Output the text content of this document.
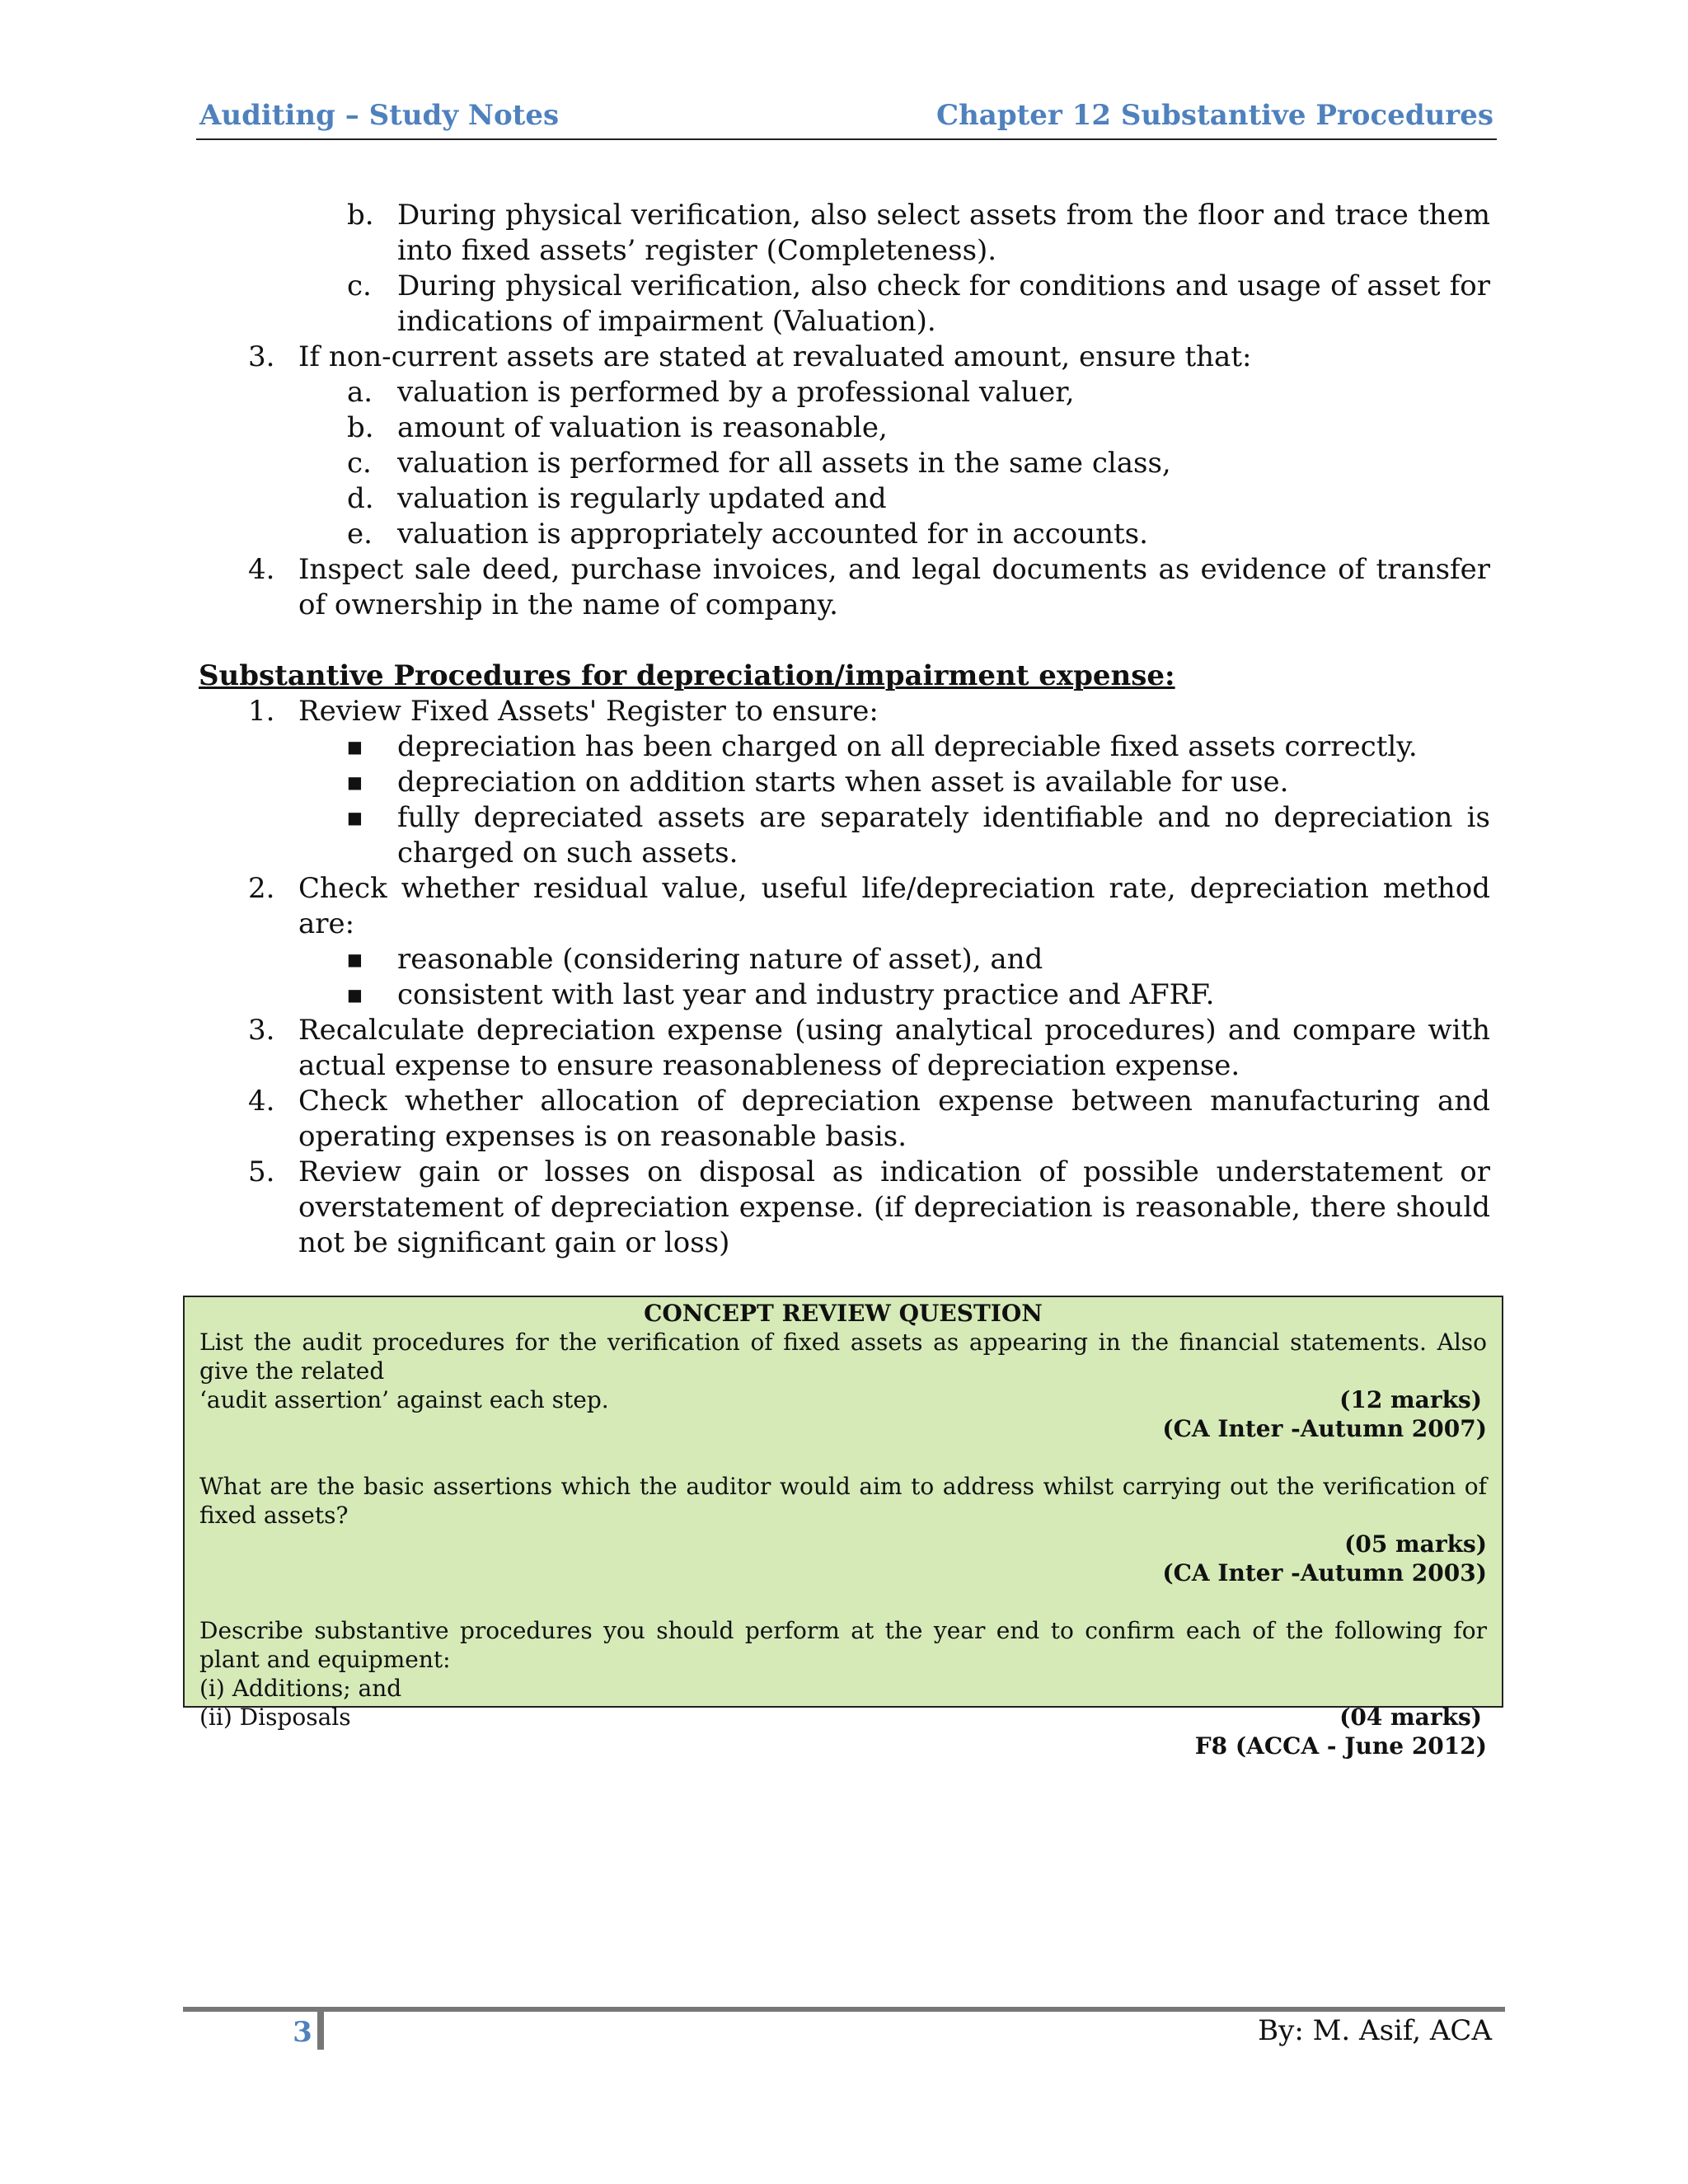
Auditing – Study Notes	Chapter 12 Substantive Procedures
b. During physical verification, also select assets from the floor and trace them into fixed assets’ register (Completeness).
c. During physical verification, also check for conditions and usage of asset for indications of impairment (Valuation).
3. If non-current assets are stated at revaluated amount, ensure that:
a. valuation is performed by a professional valuer,
b. amount of valuation is reasonable,
c. valuation is performed for all assets in the same class,
d. valuation is regularly updated and
e. valuation is appropriately accounted for in accounts.
4. Inspect sale deed, purchase invoices, and legal documents as evidence of transfer of ownership in the name of company.
Substantive Procedures for depreciation/impairment expense:
1. Review Fixed Assets' Register to ensure:
■ depreciation has been charged on all depreciable fixed assets correctly.
■ depreciation on addition starts when asset is available for use.
■ fully depreciated assets are separately identifiable and no depreciation is charged on such assets.
2. Check whether residual value, useful life/depreciation rate, depreciation method are:
■ reasonable (considering nature of asset), and
■ consistent with last year and industry practice and AFRF.
3. Recalculate depreciation expense (using analytical procedures) and compare with actual expense to ensure reasonableness of depreciation expense.
4. Check whether allocation of depreciation expense between manufacturing and operating expenses is on reasonable basis.
5. Review gain or losses on disposal as indication of possible understatement or overstatement of depreciation expense. (if depreciation is reasonable, there should not be significant gain or loss)
CONCEPT REVIEW QUESTION
List the audit procedures for the verification of fixed assets as appearing in the financial statements. Also give the related
‘audit assertion’ against each step.	(12 marks)
(CA Inter -Autumn 2007)
What are the basic assertions which the auditor would aim to address whilst carrying out the verification of fixed assets?
(05 marks)
(CA Inter -Autumn 2003)
Describe substantive procedures you should perform at the year end to confirm each of the following for plant and equipment:
(i) Additions; and
(ii) Disposals	(04 marks)
F8 (ACCA - June 2012)
3	By: M. Asif, ACA
